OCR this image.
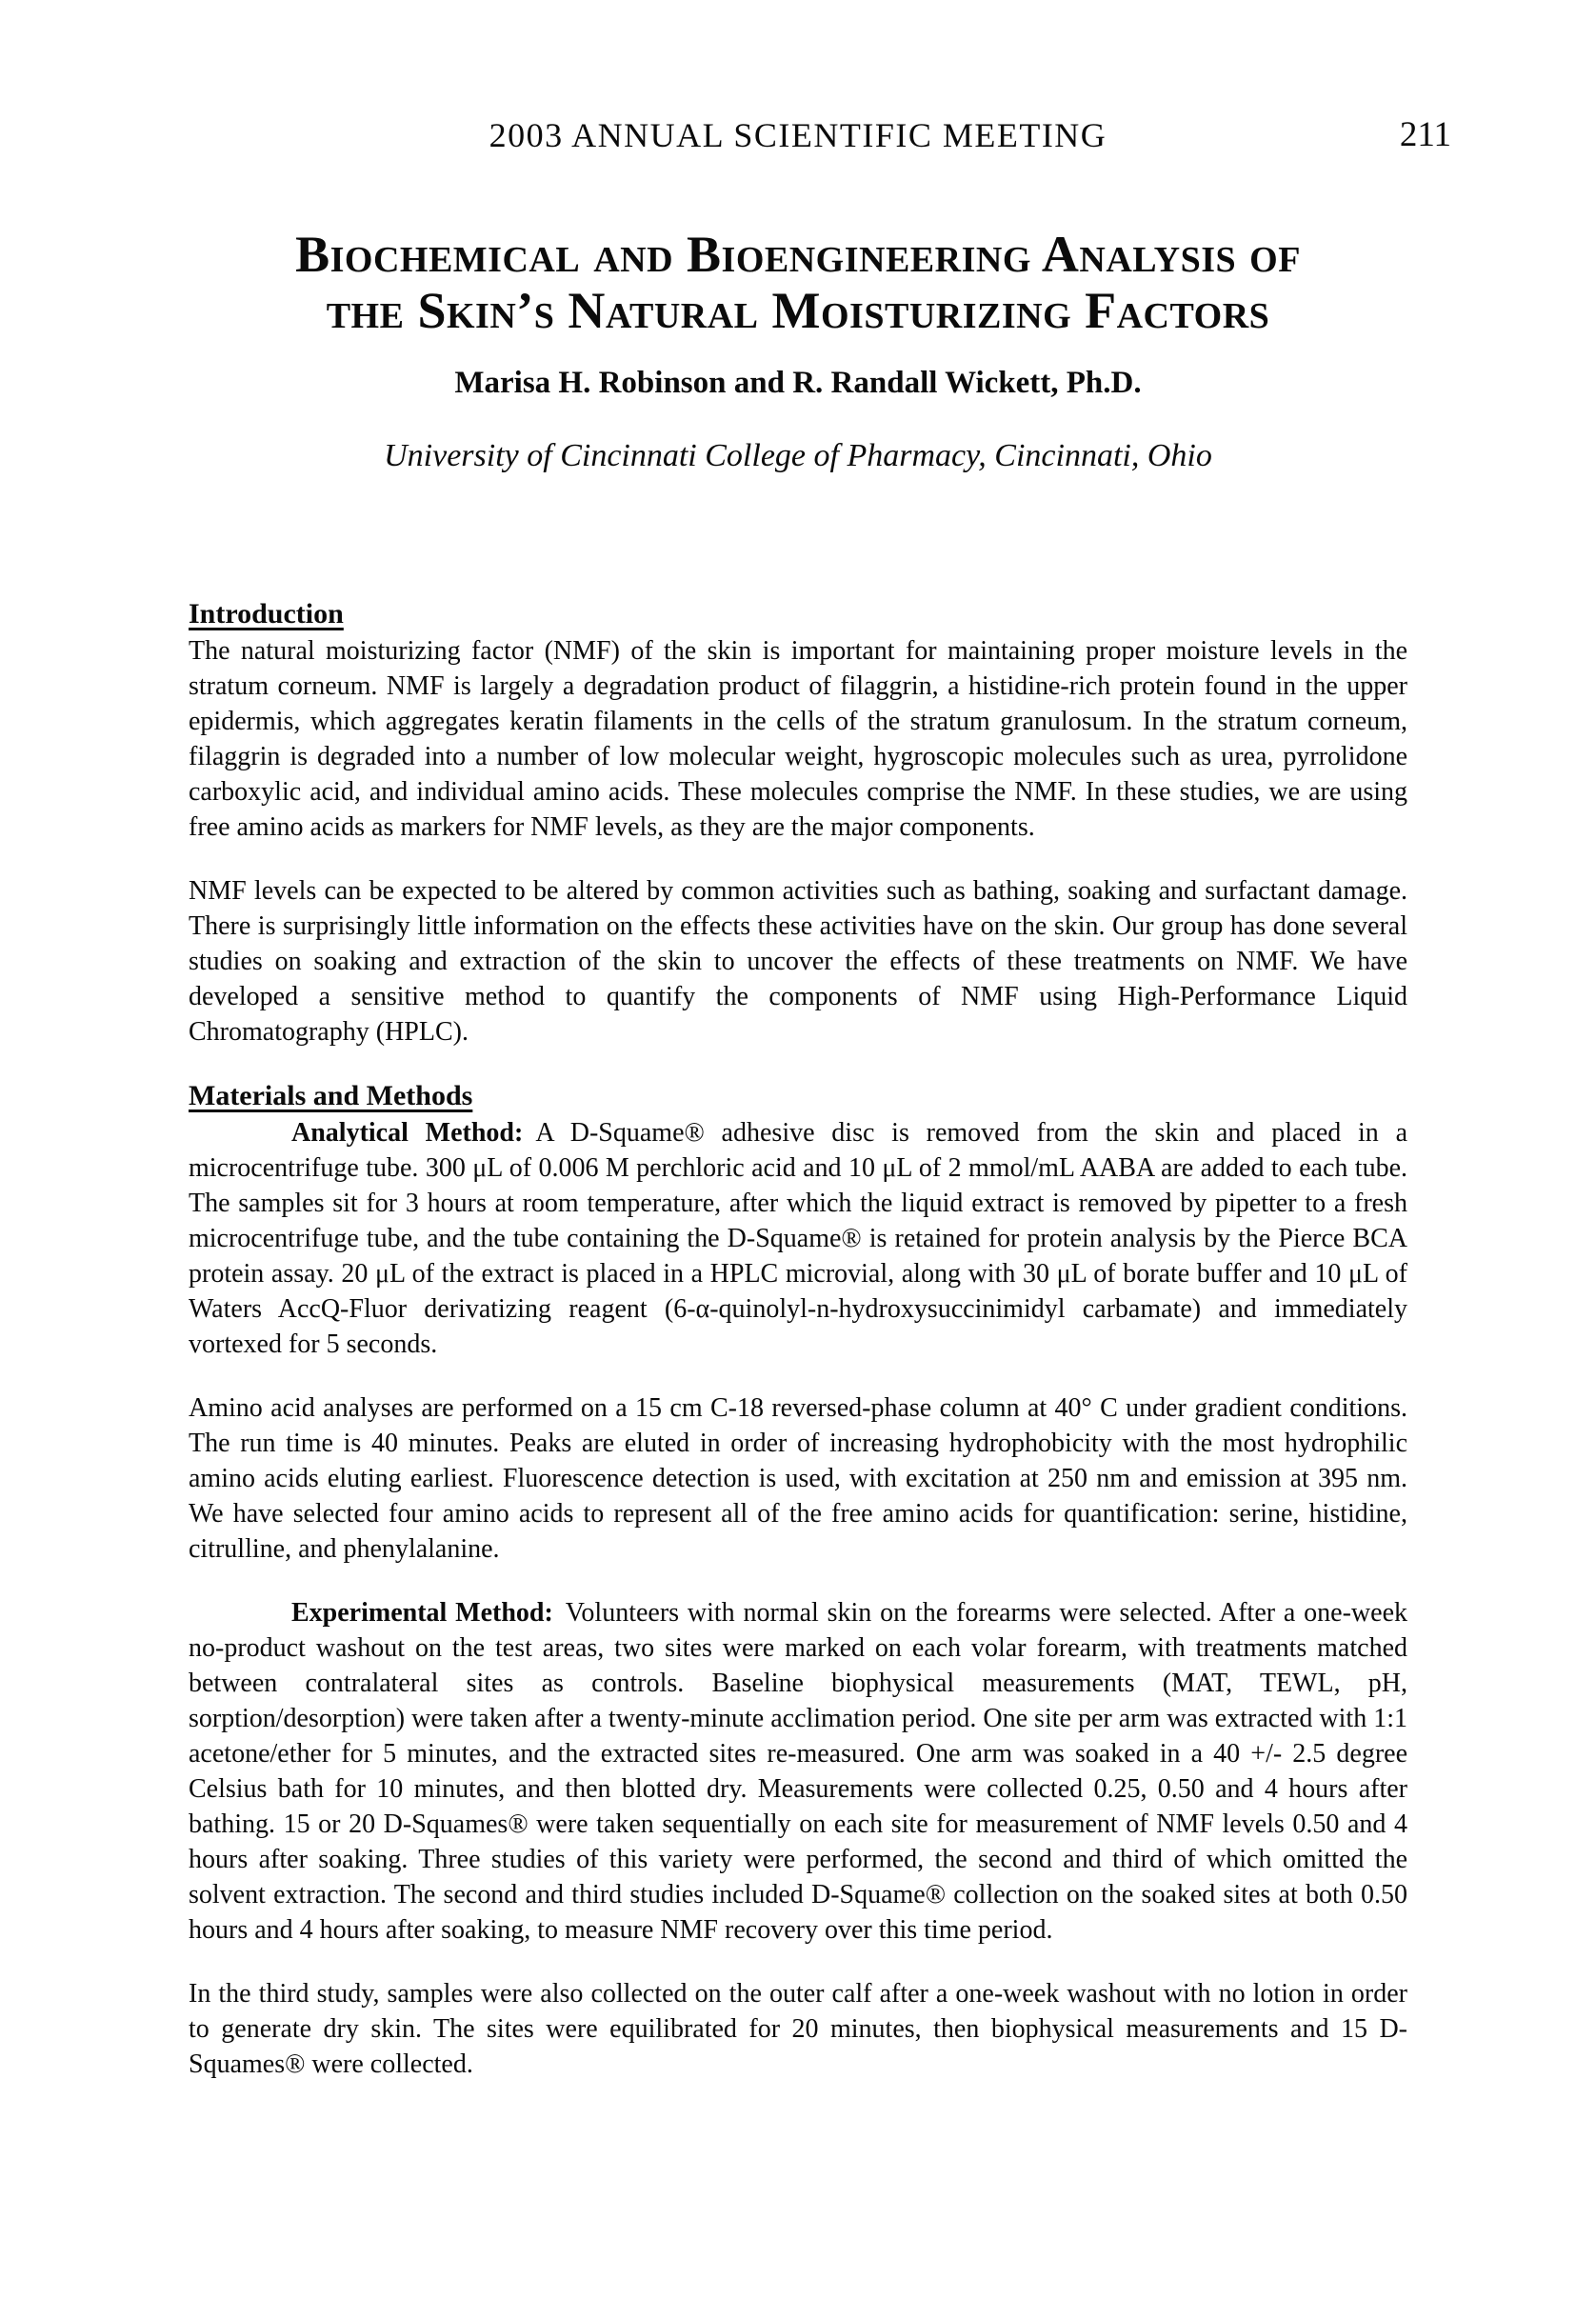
2003 ANNUAL SCIENTIFIC MEETING	211
Biochemical and Bioengineering Analysis of
the Skin’s Natural Moisturizing Factors

Marisa H. Robinson and R. Randall Wickett, Ph.D.

University of Cincinnati College of Pharmacy, Cincinnati, Ohio

Introduction

The natural moisturizing factor (NMF) of the skin is important for maintaining proper moisture levels in the stratum corneum. NMF is largely a degradation product of filaggrin, a histidine-rich protein found in the upper epidermis, which aggregates keratin filaments in the cells of the stratum granulosum. In the stratum corneum, filaggrin is degraded into a number of low molecular weight, hygroscopic molecules such as urea, pyrrolidone carboxylic acid, and individual amino acids. These molecules comprise the NMF. In these studies, we are using free amino acids as markers for NMF levels, as they are the major components.

NMF levels can be expected to be altered by common activities such as bathing, soaking and surfactant damage. There is surprisingly little information on the effects these activities have on the skin. Our group has done several studies on soaking and extraction of the skin to uncover the effects of these treatments on NMF. We have developed a sensitive method to quantify the components of NMF using High-Performance Liquid Chromatography (HPLC).

Materials and Methods

Analytical Method: A D-Squame® adhesive disc is removed from the skin and placed in a microcentrifuge tube. 300 μL of 0.006 M perchloric acid and 10 μL of 2 mmol/mL AABA are added to each tube. The samples sit for 3 hours at room temperature, after which the liquid extract is removed by pipetter to a fresh microcentrifuge tube, and the tube containing the D-Squame® is retained for protein analysis by the Pierce BCA protein assay. 20 μL of the extract is placed in a HPLC microvial, along with 30 μL of borate buffer and 10 μL of Waters AccQ-Fluor derivatizing reagent (6-α-quinolyl-n-hydroxysuccinimidyl carbamate) and immediately vortexed for 5 seconds.

Amino acid analyses are performed on a 15 cm C-18 reversed-phase column at 40° C under gradient conditions. The run time is 40 minutes. Peaks are eluted in order of increasing hydrophobicity with the most hydrophilic amino acids eluting earliest. Fluorescence detection is used, with excitation at 250 nm and emission at 395 nm. We have selected four amino acids to represent all of the free amino acids for quantification: serine, histidine, citrulline, and phenylalanine.

Experimental Method: Volunteers with normal skin on the forearms were selected. After a one-week no-product washout on the test areas, two sites were marked on each volar forearm, with treatments matched between contralateral sites as controls. Baseline biophysical measurements (MAT, TEWL, pH, sorption/desorption) were taken after a twenty-minute acclimation period. One site per arm was extracted with 1:1 acetone/ether for 5 minutes, and the extracted sites re-measured. One arm was soaked in a 40 +/- 2.5 degree Celsius bath for 10 minutes, and then blotted dry. Measurements were collected 0.25, 0.50 and 4 hours after bathing. 15 or 20 D-Squames® were taken sequentially on each site for measurement of NMF levels 0.50 and 4 hours after soaking. Three studies of this variety were performed, the second and third of which omitted the solvent extraction. The second and third studies included D-Squame® collection on the soaked sites at both 0.50 hours and 4 hours after soaking, to measure NMF recovery over this time period.

In the third study, samples were also collected on the outer calf after a one-week washout with no lotion in order to generate dry skin. The sites were equilibrated for 20 minutes, then biophysical measurements and 15 D-Squames® were collected.
